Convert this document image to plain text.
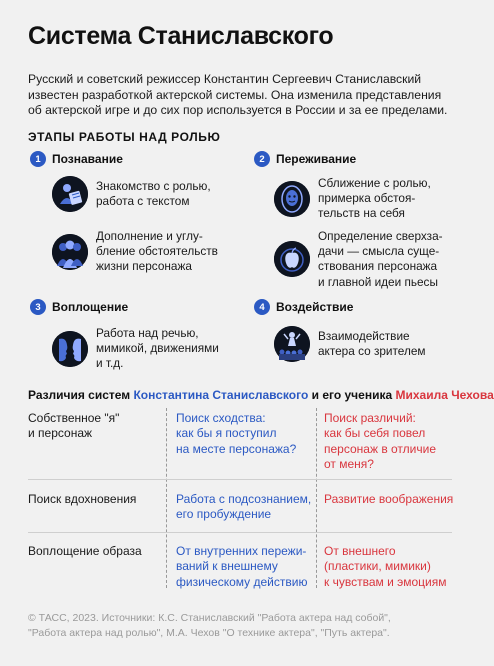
Система Станиславского
Русский и советский режиссер Константин Сергеевич Станиславский известен разработкой актерской системы. Она изменила представления об актерской игре и до сих пор используется в России и за ее пределами.
ЭТАПЫ РАБОТЫ НАД РОЛЬЮ
1 Познавание
Знакомство с ролью,
работа с текстом
Дополнение и углу-
бление обстоятельств
жизни персонажа
2 Переживание
Сближение с ролью,
примерка обстоя-
тельств на себя
Определение сверхза-
дачи — смысла суще-
ствования персонажа
и главной идеи пьесы
3 Воплощение
Работа над речью,
мимикой, движениями
и т.д.
4 Воздействие
Взаимодействие
актера со зрителем
Различия систем Константина Станиславского и его ученика Михаила Чехова
Собственное "я"
и персонаж
Поиск сходства:
как бы я поступил
на месте персонажа?
Поиск различий:
как бы себя повел
персонаж в отличие
от меня?
Поиск вдохновения	Работа с подсознанием,
его пробуждение
Развитие воображения
Воплощение образа	От внутренних пережи-
ваний к внешнему
физическому действию
От внешнего
(пластики, мимики)
к чувствам и эмоциям
© ТАСС, 2023. Источники: К.С. Станиславский "Работа актера над собой",
"Работа актера над ролью", М.А. Чехов "О технике актера", "Путь актера".
